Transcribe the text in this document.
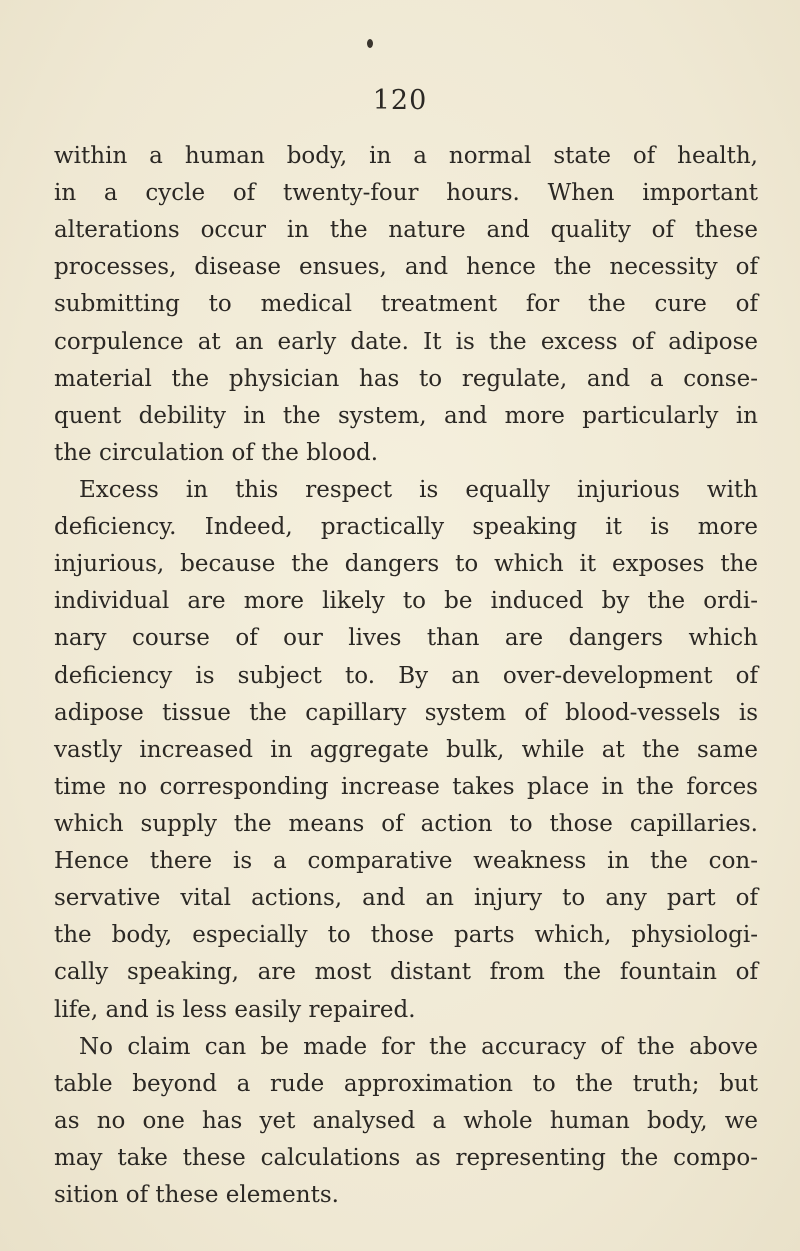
120
within a human body, in a normal state of health,
in a cycle of twenty-four hours. When important
alterations occur in the nature and quality of these
processes, disease ensues, and hence the necessity of
submitting to medical treatment for the cure of
corpulence at an early date. It is the excess of adipose
material the physician has to regulate, and a conse-
quent debility in the system, and more particularly in
the circulation of the blood.
Excess in this respect is equally injurious with
deficiency. Indeed, practically speaking it is more
injurious, because the dangers to which it exposes the
individual are more likely to be induced by the ordi-
nary course of our lives than are dangers which
deficiency is subject to. By an over-development of
adipose tissue the capillary system of blood-vessels is
vastly increased in aggregate bulk, while at the same
time no corresponding increase takes place in the forces
which supply the means of action to those capillaries.
Hence there is a comparative weakness in the con-
servative vital actions, and an injury to any part of
the body, especially to those parts which, physiologi-
cally speaking, are most distant from the fountain of
life, and is less easily repaired.
No claim can be made for the accuracy of the above
table beyond a rude approximation to the truth; but
as no one has yet analysed a whole human body, we
may take these calculations as representing the compo-
sition of these elements.
